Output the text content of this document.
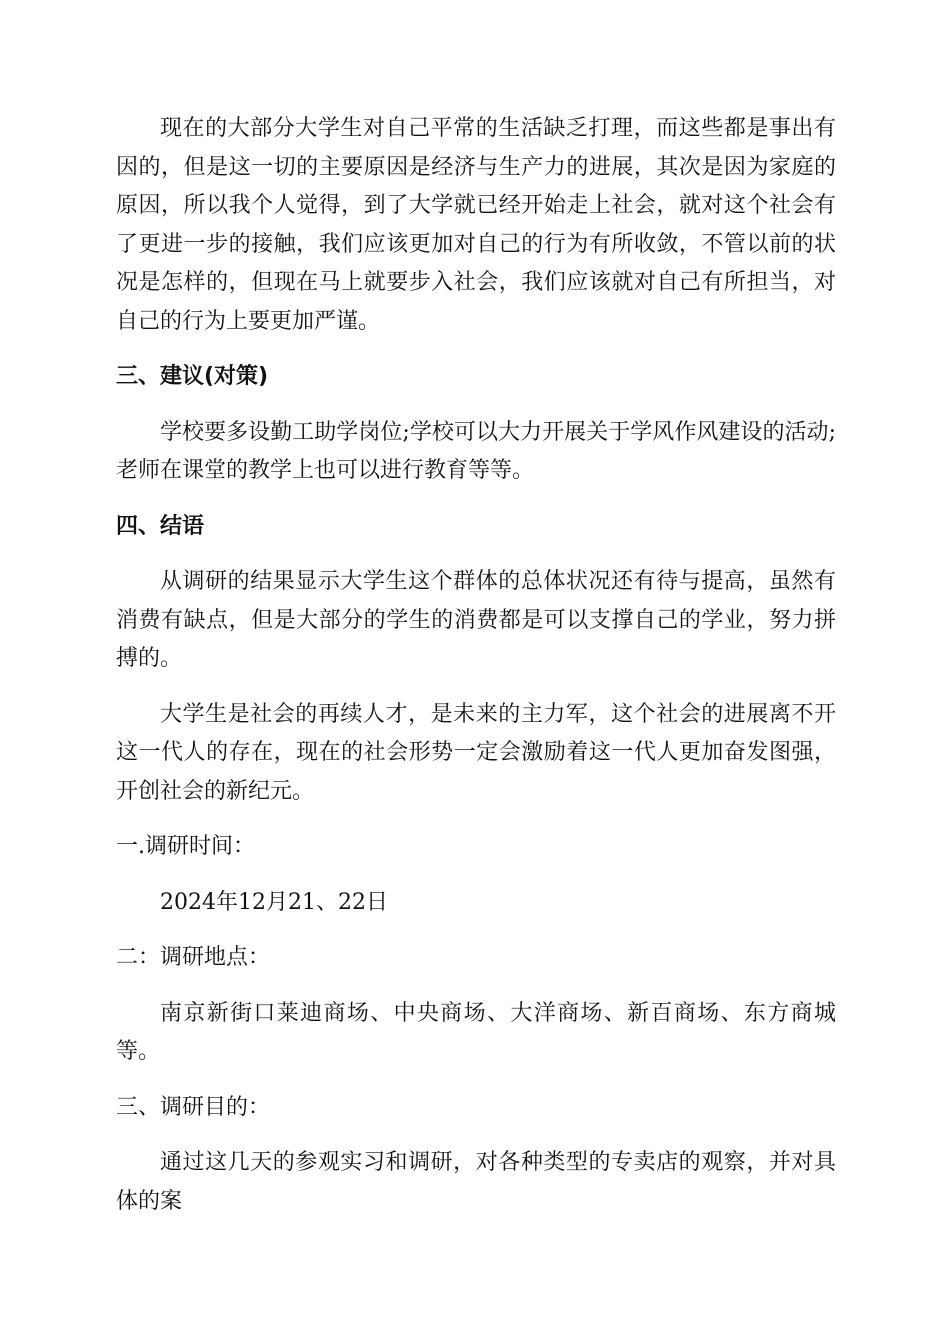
现在的大部分大学生对自己平常的生活缺乏打理，而这些都是事出有因的，但是这一切的主要原因是经济与生产力的进展，其次是因为家庭的原因，所以我个人觉得，到了大学就已经开始走上社会，就对这个社会有了更进一步的接触，我们应该更加对自己的行为有所收敛，不管以前的状况是怎样的，但现在马上就要步入社会，我们应该就对自己有所担当，对自己的行为上要更加严谨。

三、建议(对策)

学校要多设勤工助学岗位;学校可以大力开展关于学风作风建设的活动;老师在课堂的教学上也可以进行教育等等。

四、结语

从调研的结果显示大学生这个群体的总体状况还有待与提高，虽然有消费有缺点，但是大部分的学生的消费都是可以支撑自己的学业，努力拼搏的。

大学生是社会的再续人才，是未来的主力军，这个社会的进展离不开这一代人的存在，现在的社会形势一定会激励着这一代人更加奋发图强，开创社会的新纪元。

一.调研时间：

2024年12月21、22日

二：调研地点：

南京新街口莱迪商场、中央商场、大洋商场、新百商场、东方商城等。

三、调研目的：

通过这几天的参观实习和调研，对各种类型的专卖店的观察，并对具体的案
